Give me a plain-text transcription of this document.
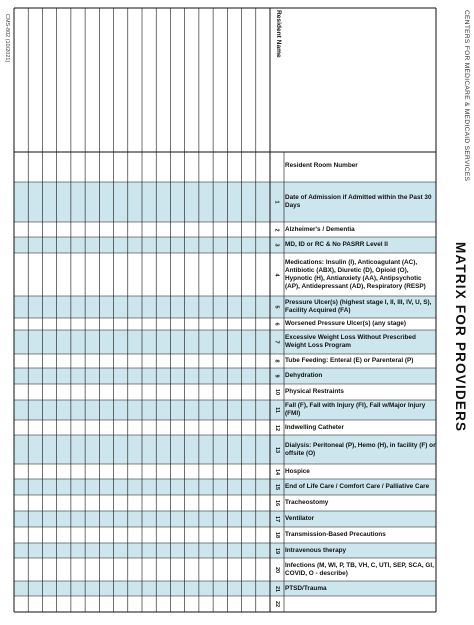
CENTERS FOR MEDICARE & MEDICAID SERVICES
CMS-802 (10/2021)
MATRIX FOR PROVIDERS
Resident Name
Resident Room Number
Date of Admission if Admitted within the Past 30 Days
1
Alzheimer's / Dementia
2
MD, ID or RC & No PASRR Level II
3
Medications: Insulin (I), Anticoagulant (AC), Antibiotic (ABX), Diuretic (D), Opioid (O), Hypnotic (H), Antianxiety (AA), Antipsychotic (AP), Antidepressant (AD), Respiratory (RESP)
4
Pressure Ulcer(s) (highest stage I, II, III, IV, U, S), Facility Acquired (FA)
5
Worsened Pressure Ulcer(s) (any stage)
6
Excessive Weight Loss Without Prescribed Weight Loss Program
7
Tube Feeding: Enteral (E) or Parenteral (P)
8
Dehydration
9
Physical Restraints
10
Fall (F), Fall with Injury (FI), Fall w/Major Injury (FMI)
11
Indwelling Catheter
12
Dialysis: Peritoneal (P), Hemo (H), in facility (F) or offsite (O)
13
Hospice
14
End of Life Care / Comfort Care / Palliative Care
15
Tracheostomy
16
Ventilator
17
Transmission-Based Precautions
18
Intravenous therapy
19
Infections (M, WI, P, TB, VH, C, UTI, SEP, SCA, GI, COVID, O - describe)
20
PTSD/Trauma
21
22
